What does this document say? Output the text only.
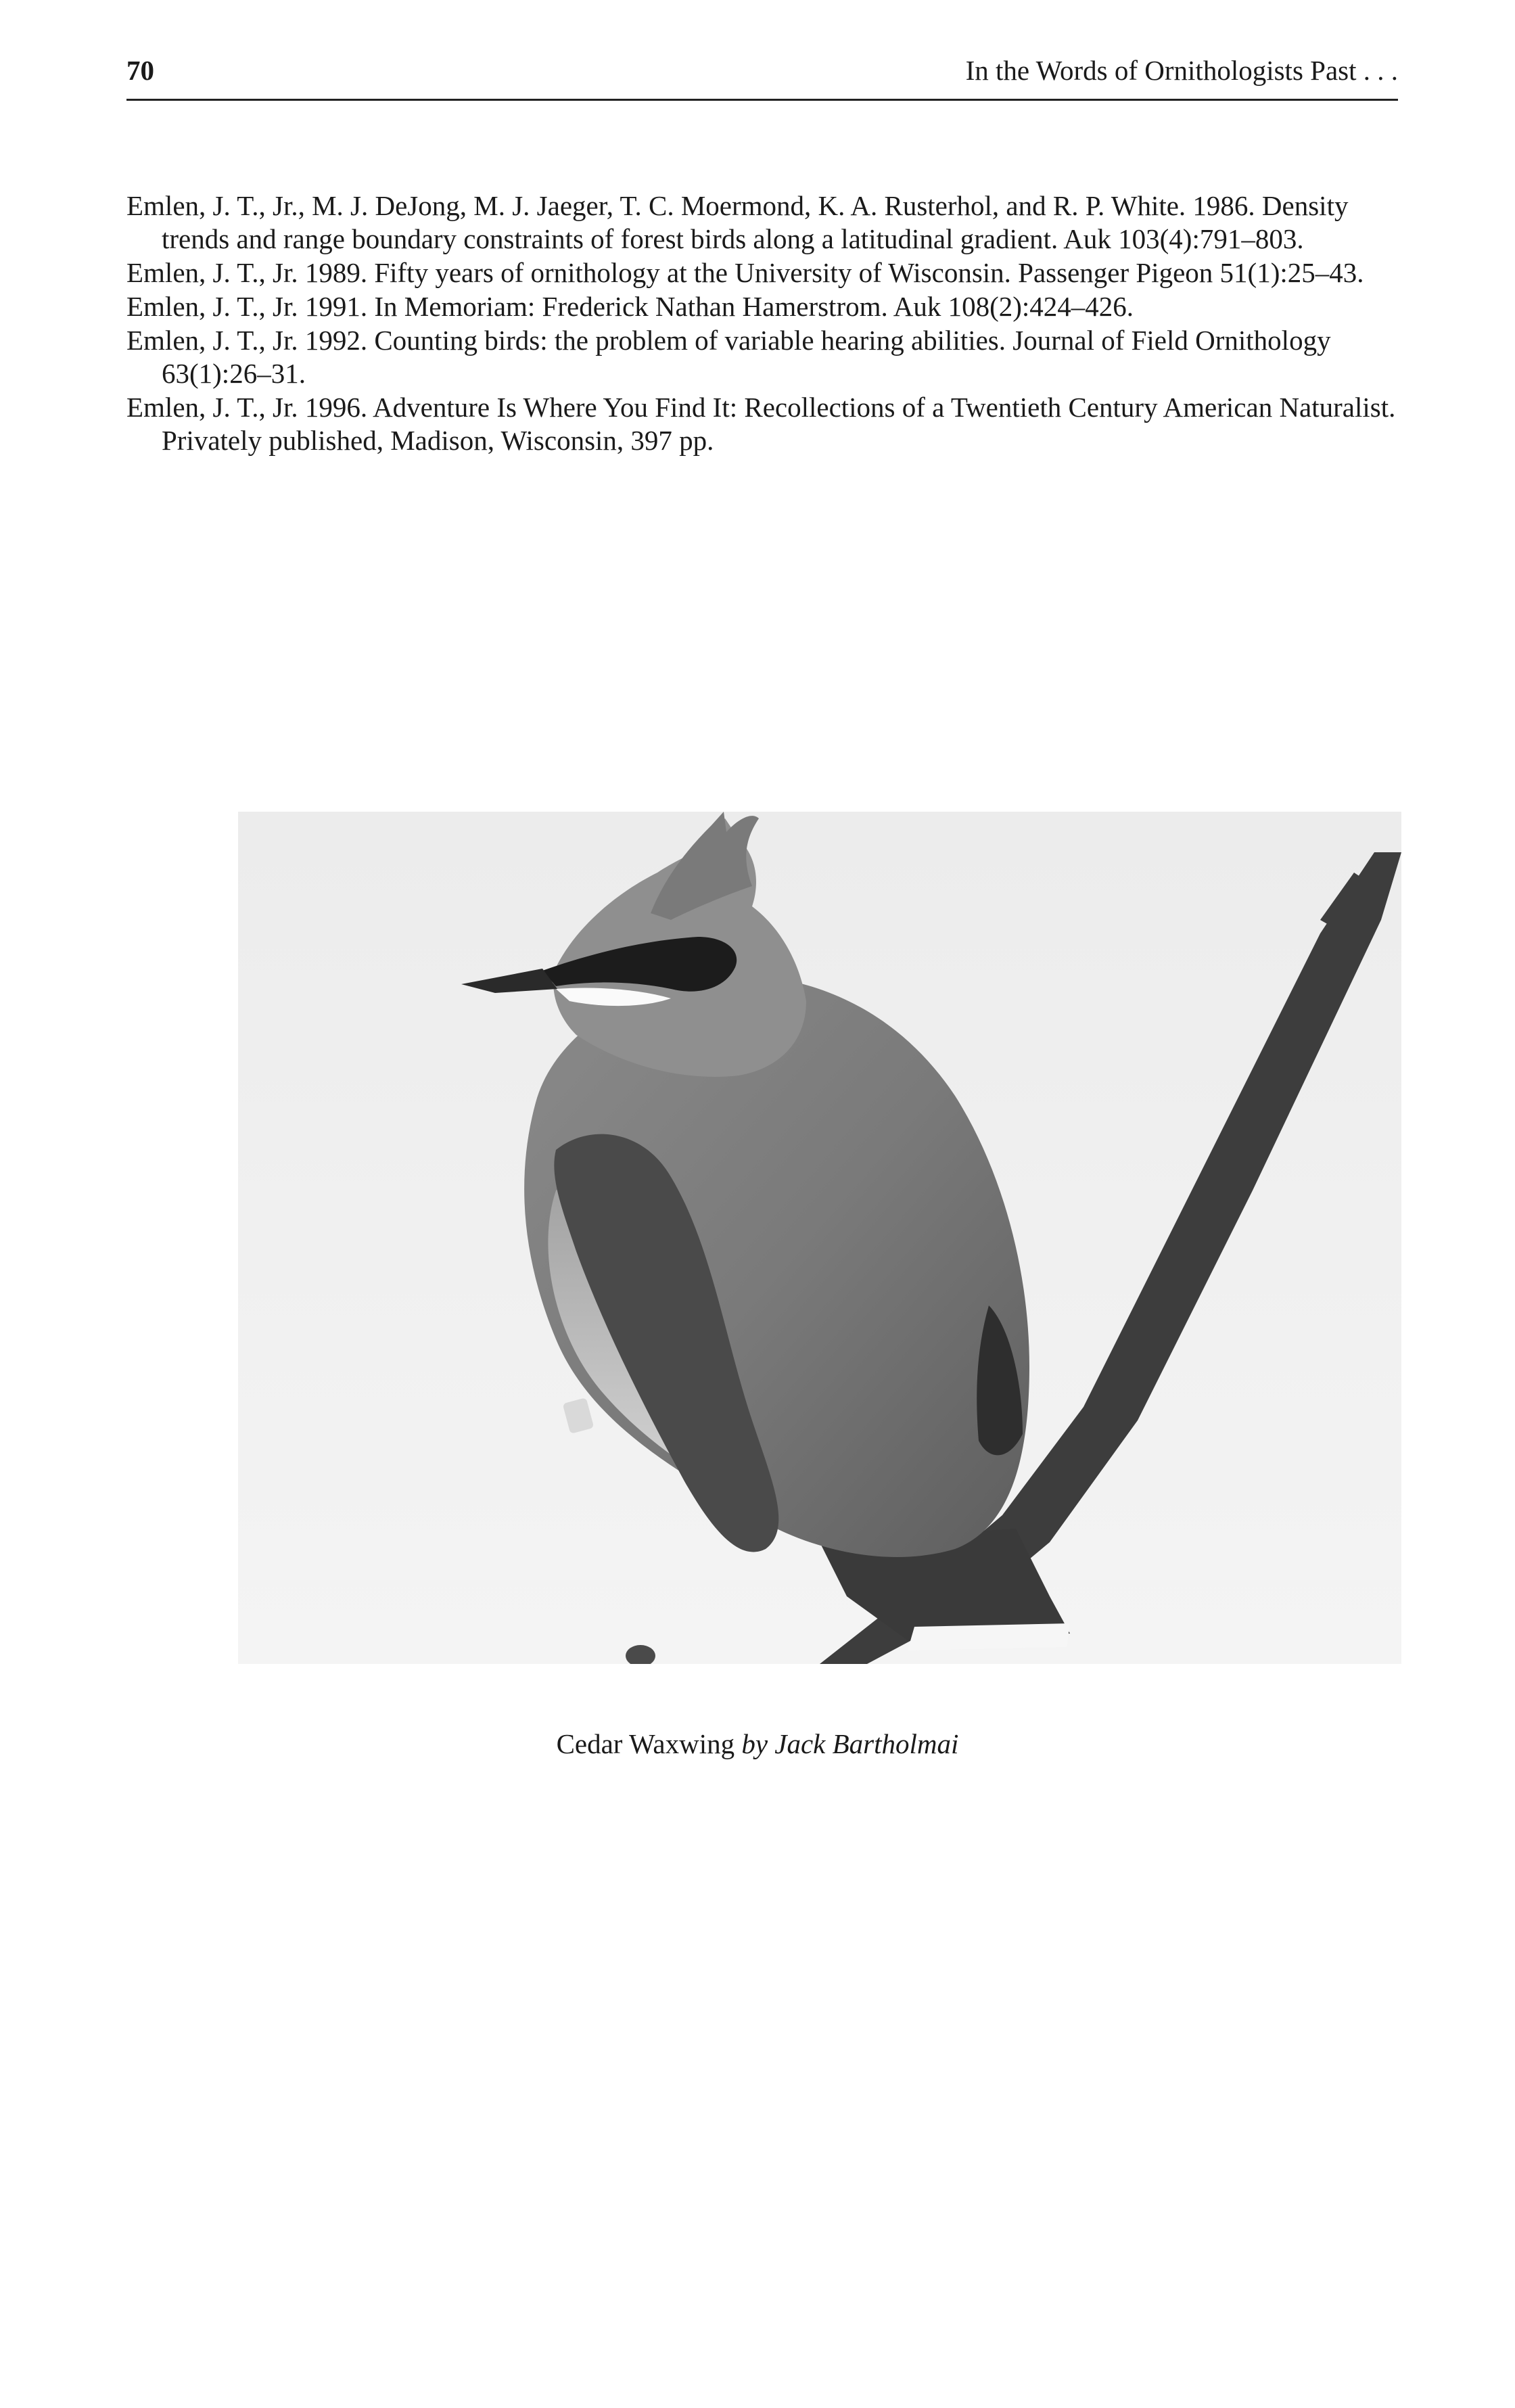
70	In the Words of Ornithologists Past . . .
Emlen, J. T., Jr., M. J. DeJong, M. J. Jaeger, T. C. Moermond, K. A. Rusterhol, and R. P. White. 1986. Density trends and range boundary constraints of forest birds along a latitudinal gradient. Auk 103(4):791–803.
Emlen, J. T., Jr. 1989. Fifty years of ornithology at the University of Wisconsin. Passenger Pigeon 51(1):25–43.
Emlen, J. T., Jr. 1991. In Memoriam: Frederick Nathan Hamerstrom. Auk 108(2):424–426.
Emlen, J. T., Jr. 1992. Counting birds: the problem of variable hearing abilities. Journal of Field Ornithology 63(1):26–31.
Emlen, J. T., Jr. 1996. Adventure Is Where You Find It: Recollections of a Twentieth Century American Naturalist. Privately published, Madison, Wisconsin, 397 pp.
Cedar Waxwing by Jack Bartholmai
